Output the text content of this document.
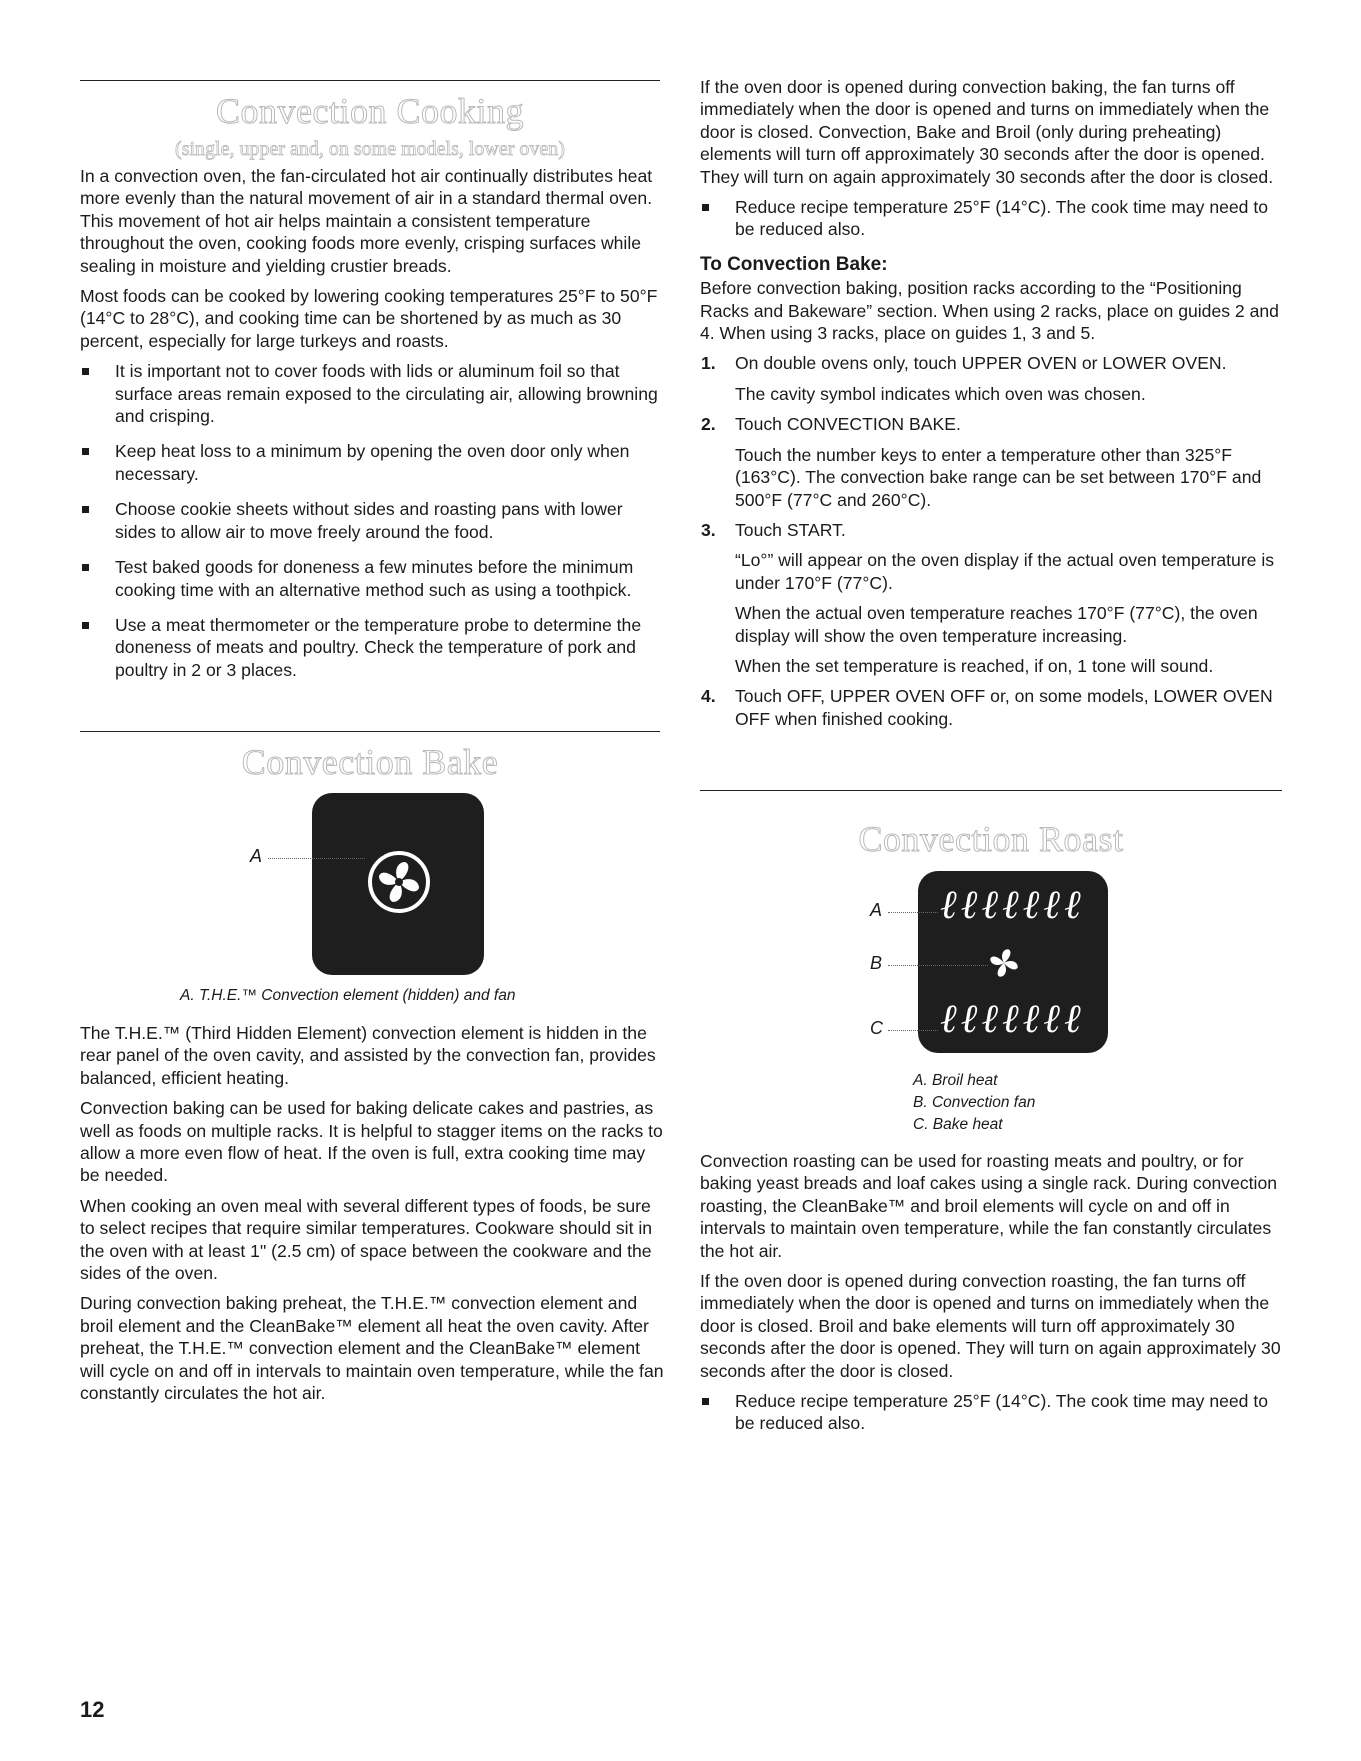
Convection Cooking
(single, upper and, on some models, lower oven)

In a convection oven, the fan-circulated hot air continually distributes heat more evenly than the natural movement of air in a standard thermal oven. This movement of hot air helps maintain a consistent temperature throughout the oven, cooking foods more evenly, crisping surfaces while sealing in moisture and yielding crustier breads.

Most foods can be cooked by lowering cooking temperatures 25°F to 50°F (14°C to 28°C), and cooking time can be shortened by as much as 30 percent, especially for large turkeys and roasts.

It is important not to cover foods with lids or aluminum foil so that surface areas remain exposed to the circulating air, allowing browning and crisping.
Keep heat loss to a minimum by opening the oven door only when necessary.
Choose cookie sheets without sides and roasting pans with lower sides to allow air to move freely around the food.
Test baked goods for doneness a few minutes before the minimum cooking time with an alternative method such as using a toothpick.
Use a meat thermometer or the temperature probe to determine the doneness of meats and poultry. Check the temperature of pork and poultry in 2 or 3 places.
Convection Bake
A
A. T.H.E.™ Convection element (hidden) and fan

The T.H.E.™ (Third Hidden Element) convection element is hidden in the rear panel of the oven cavity, and assisted by the convection fan, provides balanced, efficient heating.

Convection baking can be used for baking delicate cakes and pastries, as well as foods on multiple racks. It is helpful to stagger items on the racks to allow a more even flow of heat. If the oven is full, extra cooking time may be needed.

When cooking an oven meal with several different types of foods, be sure to select recipes that require similar temperatures. Cookware should sit in the oven with at least 1" (2.5 cm) of space between the cookware and the sides of the oven.

During convection baking preheat, the T.H.E.™ convection element and broil element and the CleanBake™ element all heat the oven cavity. After preheat, the T.H.E.™ convection element and the CleanBake™ element will cycle on and off in intervals to maintain oven temperature, while the fan constantly circulates the hot air.

If the oven door is opened during convection baking, the fan turns off immediately when the door is opened and turns on immediately when the door is closed. Convection, Bake and Broil (only during preheating) elements will turn off approximately 30 seconds after the door is opened. They will turn on again approximately 30 seconds after the door is closed.

Reduce recipe temperature 25°F (14°C). The cook time may need to be reduced also.
To Convection Bake:

Before convection baking, position racks according to the “Positioning Racks and Bakeware” section. When using 2 racks, place on guides 2 and 4. When using 3 racks, place on guides 1, 3 and 5.

1. On double ovens only, touch UPPER OVEN or LOWER OVEN.

The cavity symbol indicates which oven was chosen.

2. Touch CONVECTION BAKE.

Touch the number keys to enter a temperature other than 325°F (163°C). The convection bake range can be set between 170°F and 500°F (77°C and 260°C).

3. Touch START.

“Lo°” will appear on the oven display if the actual oven temperature is under 170°F (77°C).

When the actual oven temperature reaches 170°F (77°C), the oven display will show the oven temperature increasing.

When the set temperature is reached, if on, 1 tone will sound.

4. Touch OFF, UPPER OVEN OFF or, on some models, LOWER OVEN OFF when finished cooking.

Convection Roast
ℓℓℓℓℓℓℓ
ℓℓℓℓℓℓℓ
A
B
C
A. Broil heat
B. Convection fan
C. Bake heat

Convection roasting can be used for roasting meats and poultry, or for baking yeast breads and loaf cakes using a single rack. During convection roasting, the CleanBake™ and broil elements will cycle on and off in intervals to maintain oven temperature, while the fan constantly circulates the hot air.

If the oven door is opened during convection roasting, the fan turns off immediately when the door is opened and turns on immediately when the door is closed. Broil and bake elements will turn off approximately 30 seconds after the door is opened. They will turn on again approximately 30 seconds after the door is closed.

Reduce recipe temperature 25°F (14°C). The cook time may need to be reduced also.
12
